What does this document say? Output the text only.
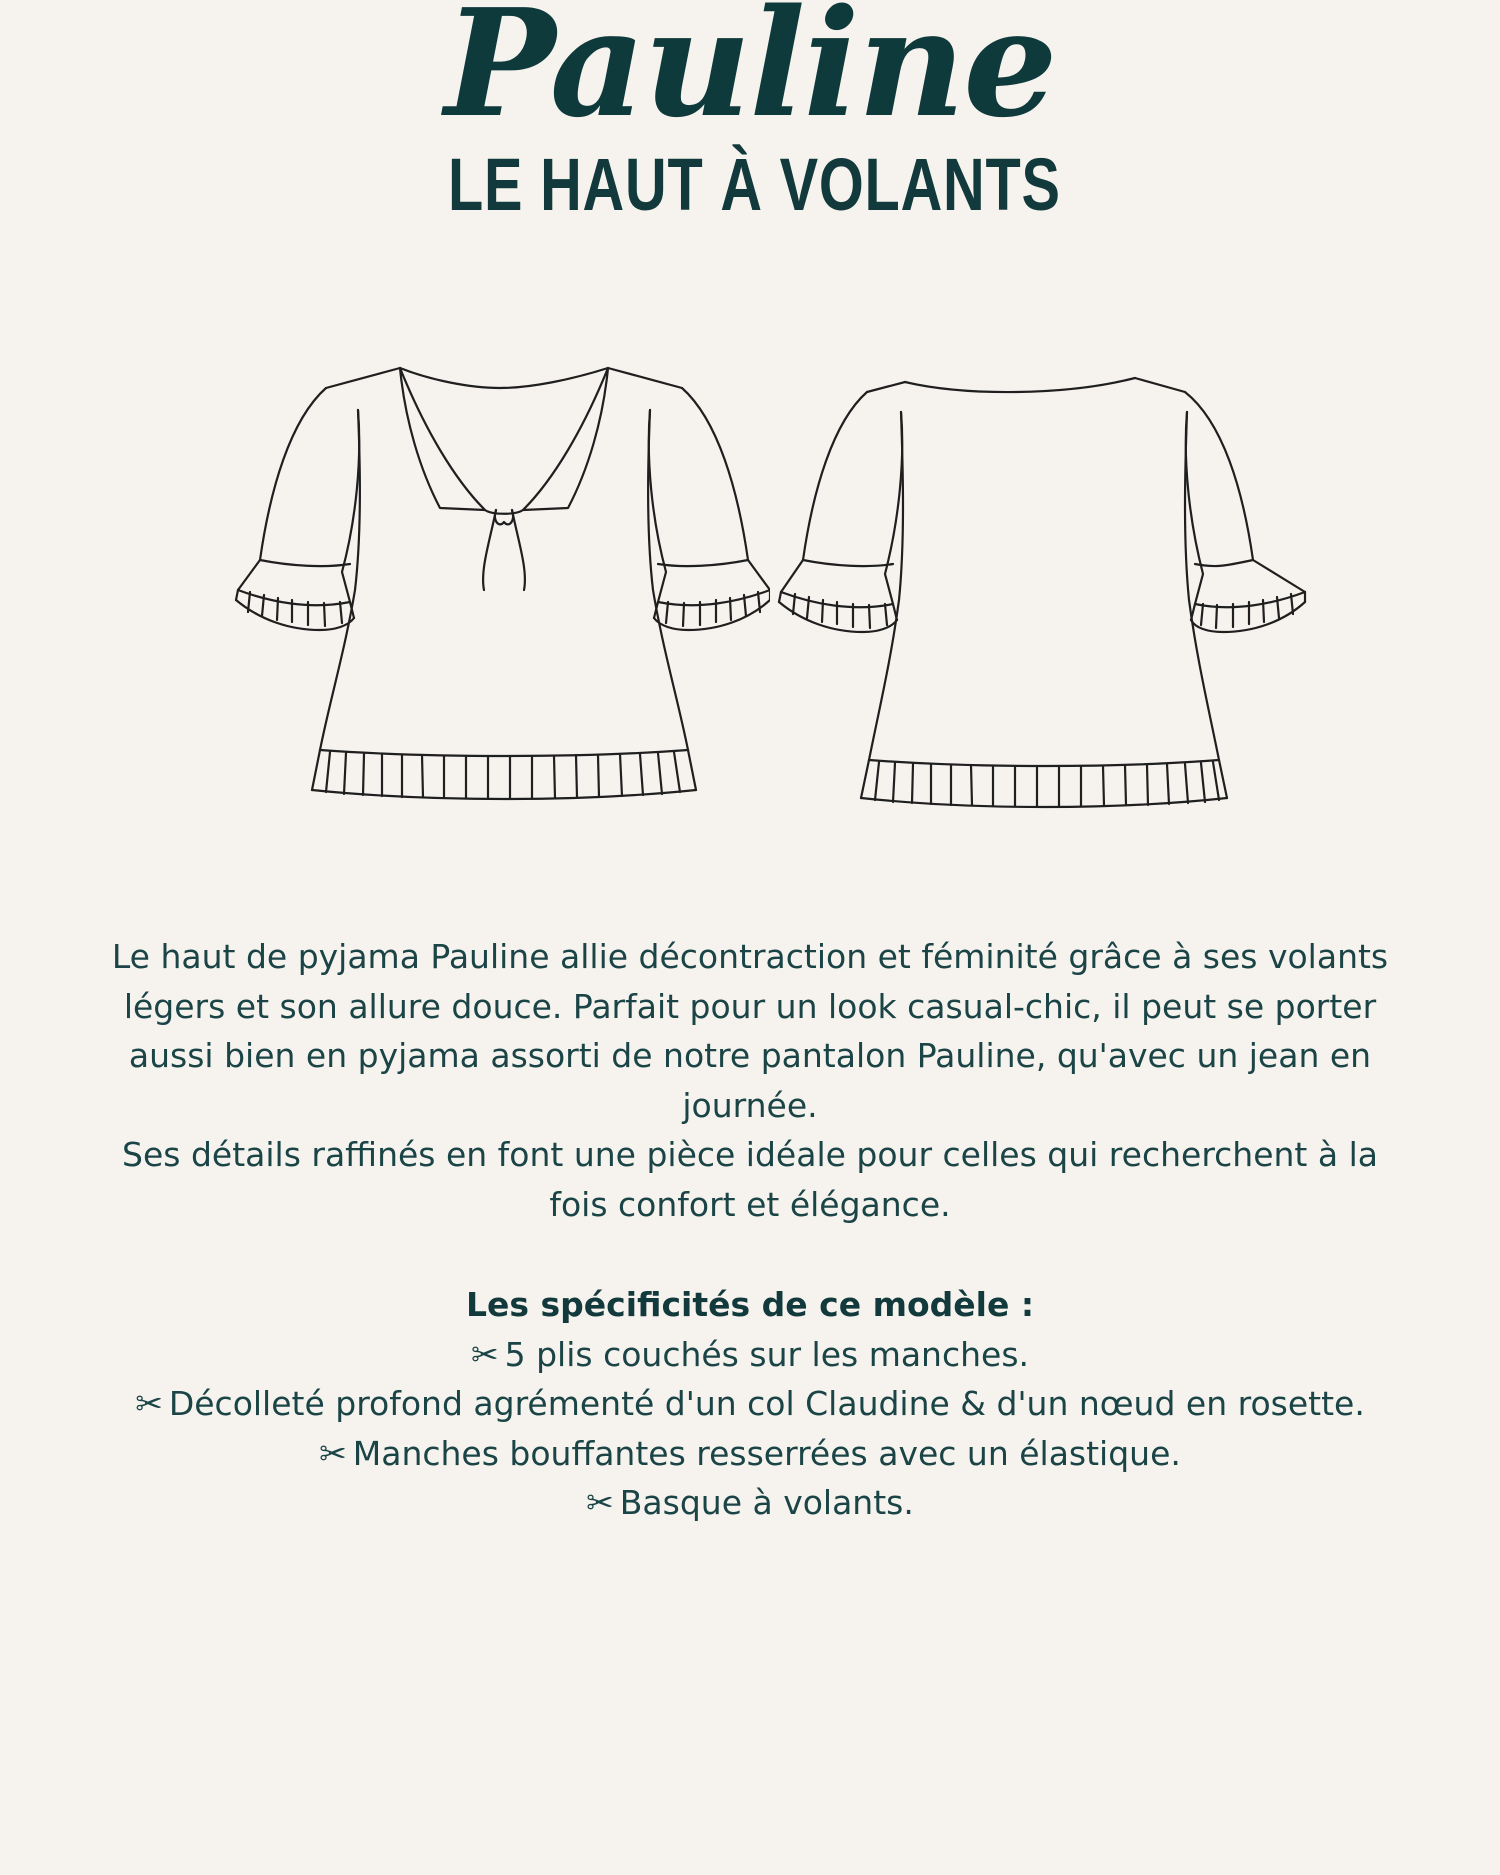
Pauline
LE HAUT À VOLANTS

Le haut de pyjama Pauline allie décontraction et féminité grâce à ses volants légers et son allure douce. Parfait pour un look casual-chic, il peut se porter aussi bien en pyjama assorti de notre pantalon Pauline, qu'avec un jean en journée.

Ses détails raffinés en font une pièce idéale pour celles qui recherchent à la fois confort et élégance.

Les spécificités de ce modèle :
✂ 5 plis couchés sur les manches.
✂ Décolleté profond agrémenté d'un col Claudine & d'un nœud en rosette.
✂ Manches bouffantes resserrées avec un élastique.
✂ Basque à volants.
